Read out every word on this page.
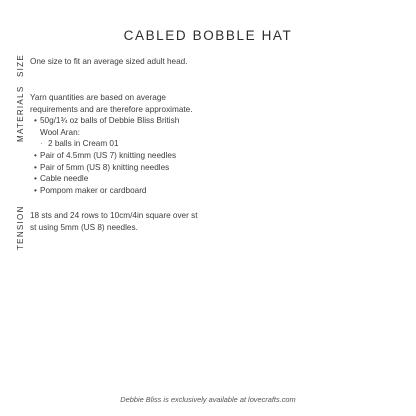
CABLED BOBBLE HAT
SIZE One size to fit an average sized adult head.
MATERIALS Yarn quantities are based on average
requirements and are therefore approximate.
• 50g/1¾ oz balls of Debbie Bliss British
Wool Aran:
· 2 balls in Cream 01
• Pair of 4.5mm (US 7) knitting needles
• Pair of 5mm (US 8) knitting needles
• Cable needle
• Pompom maker or cardboard
TENSION 18 sts and 24 rows to 10cm/4in square over st
st using 5mm (US 8) needles.
Debbie Bliss is exclusively available at lovecrafts.com
